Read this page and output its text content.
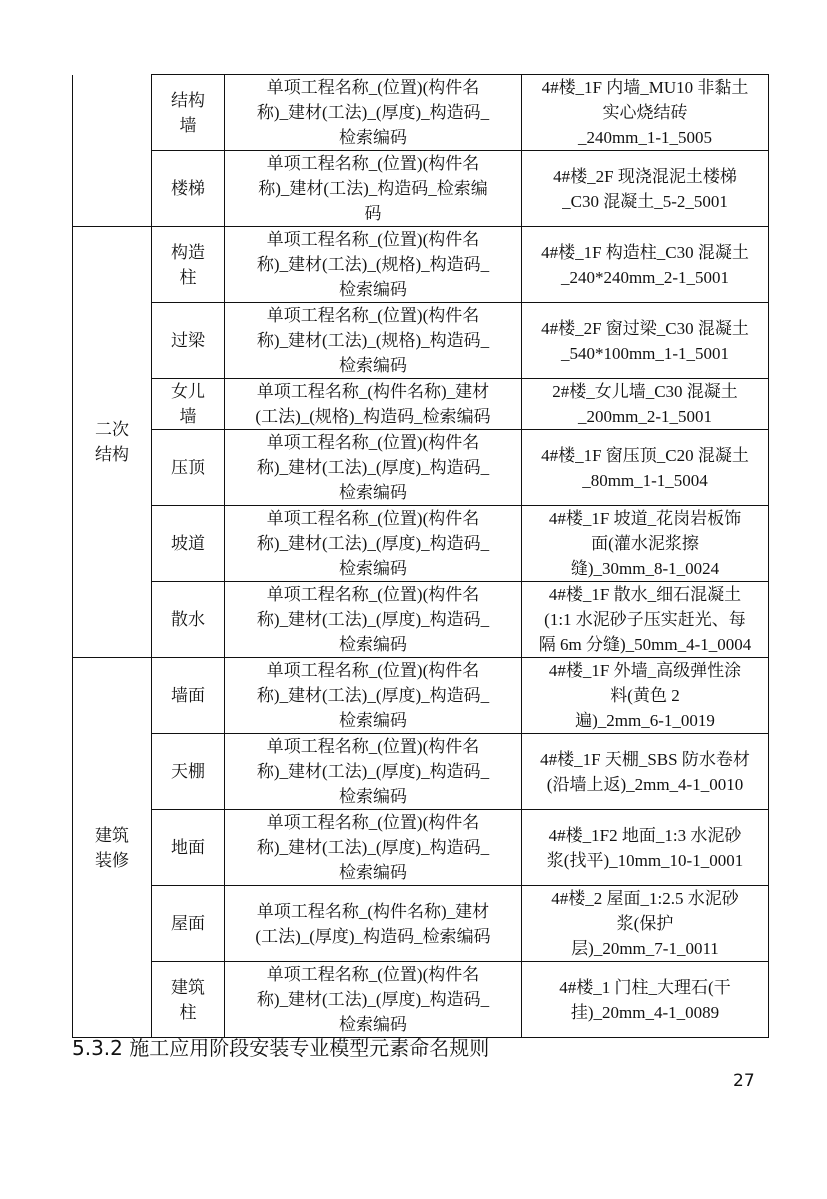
	结构
墙	单项工程名称_(位置)(构件名
称)_建材(工法)_(厚度)_构造码_
检索编码	4#楼_1F 内墙_MU10 非黏土
实心烧结砖
_240mm_1-1_5005

	楼梯	单项工程名称_(位置)(构件名
称)_建材(工法)_构造码_检索编
码	4#楼_2F 现浇混泥土楼梯
_C30 混凝土_5-2_5001

二次
结构	构造
柱	单项工程名称_(位置)(构件名
称)_建材(工法)_(规格)_构造码_
检索编码	4#楼_1F 构造柱_C30 混凝土
_240*240mm_2-1_5001

	过梁	单项工程名称_(位置)(构件名
称)_建材(工法)_(规格)_构造码_
检索编码	4#楼_2F 窗过梁_C30 混凝土
_540*100mm_1-1_5001

	女儿
墙	单项工程名称_(构件名称)_建材
(工法)_(规格)_构造码_检索编码	2#楼_女儿墙_C30 混凝土
_200mm_2-1_5001

	压顶	单项工程名称_(位置)(构件名
称)_建材(工法)_(厚度)_构造码_
检索编码	4#楼_1F 窗压顶_C20 混凝土
_80mm_1-1_5004

	坡道	单项工程名称_(位置)(构件名
称)_建材(工法)_(厚度)_构造码_
检索编码	4#楼_1F 坡道_花岗岩板饰
面(灌水泥浆擦
缝)_30mm_8-1_0024

	散水	单项工程名称_(位置)(构件名
称)_建材(工法)_(厚度)_构造码_
检索编码	4#楼_1F 散水_细石混凝土
(1:1 水泥砂子压实赶光、每
隔 6m 分缝)_50mm_4-1_0004

建筑
装修	墙面	单项工程名称_(位置)(构件名
称)_建材(工法)_(厚度)_构造码_
检索编码	4#楼_1F 外墙_高级弹性涂
料(黄色 2
遍)_2mm_6-1_0019

	天棚	单项工程名称_(位置)(构件名
称)_建材(工法)_(厚度)_构造码_
检索编码	4#楼_1F 天棚_SBS 防水卷材
(沿墙上返)_2mm_4-1_0010

	地面	单项工程名称_(位置)(构件名
称)_建材(工法)_(厚度)_构造码_
检索编码	4#楼_1F2 地面_1:3 水泥砂
浆(找平)_10mm_10-1_0001

	屋面	单项工程名称_(构件名称)_建材
(工法)_(厚度)_构造码_检索编码	4#楼_2 屋面_1:2.5 水泥砂
浆(保护
层)_20mm_7-1_0011

	建筑
柱	单项工程名称_(位置)(构件名
称)_建材(工法)_(厚度)_构造码_
检索编码	4#楼_1 门柱_大理石(干
挂)_20mm_4-1_0089
5.3.2 施工应用阶段安装专业模型元素命名规则
27
